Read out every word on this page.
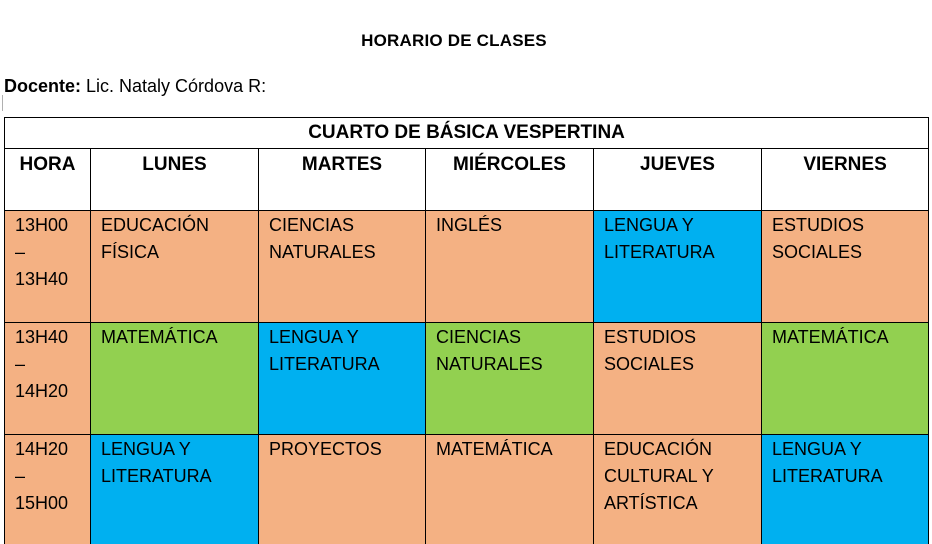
HORARIO DE CLASES
Docente: Lic. Nataly Córdova R:
CUARTO DE BÁSICA VESPERTINA					
HORA	LUNES	MARTES	MIÉRCOLES	JUEVES	VIERNES

13H00
–
13H40	EDUCACIÓN FÍSICA	CIENCIAS NATURALES	INGLÉS	LENGUA Y LITERATURA	ESTUDIOS SOCIALES

13H40
–
14H20	MATEMÁTICA	LENGUA Y LITERATURA	CIENCIAS NATURALES	ESTUDIOS SOCIALES	MATEMÁTICA

14H20
–
15H00	LENGUA Y LITERATURA	PROYECTOS	MATEMÁTICA	EDUCACIÓN CULTURAL Y ARTÍSTICA	LENGUA Y LITERATURA
